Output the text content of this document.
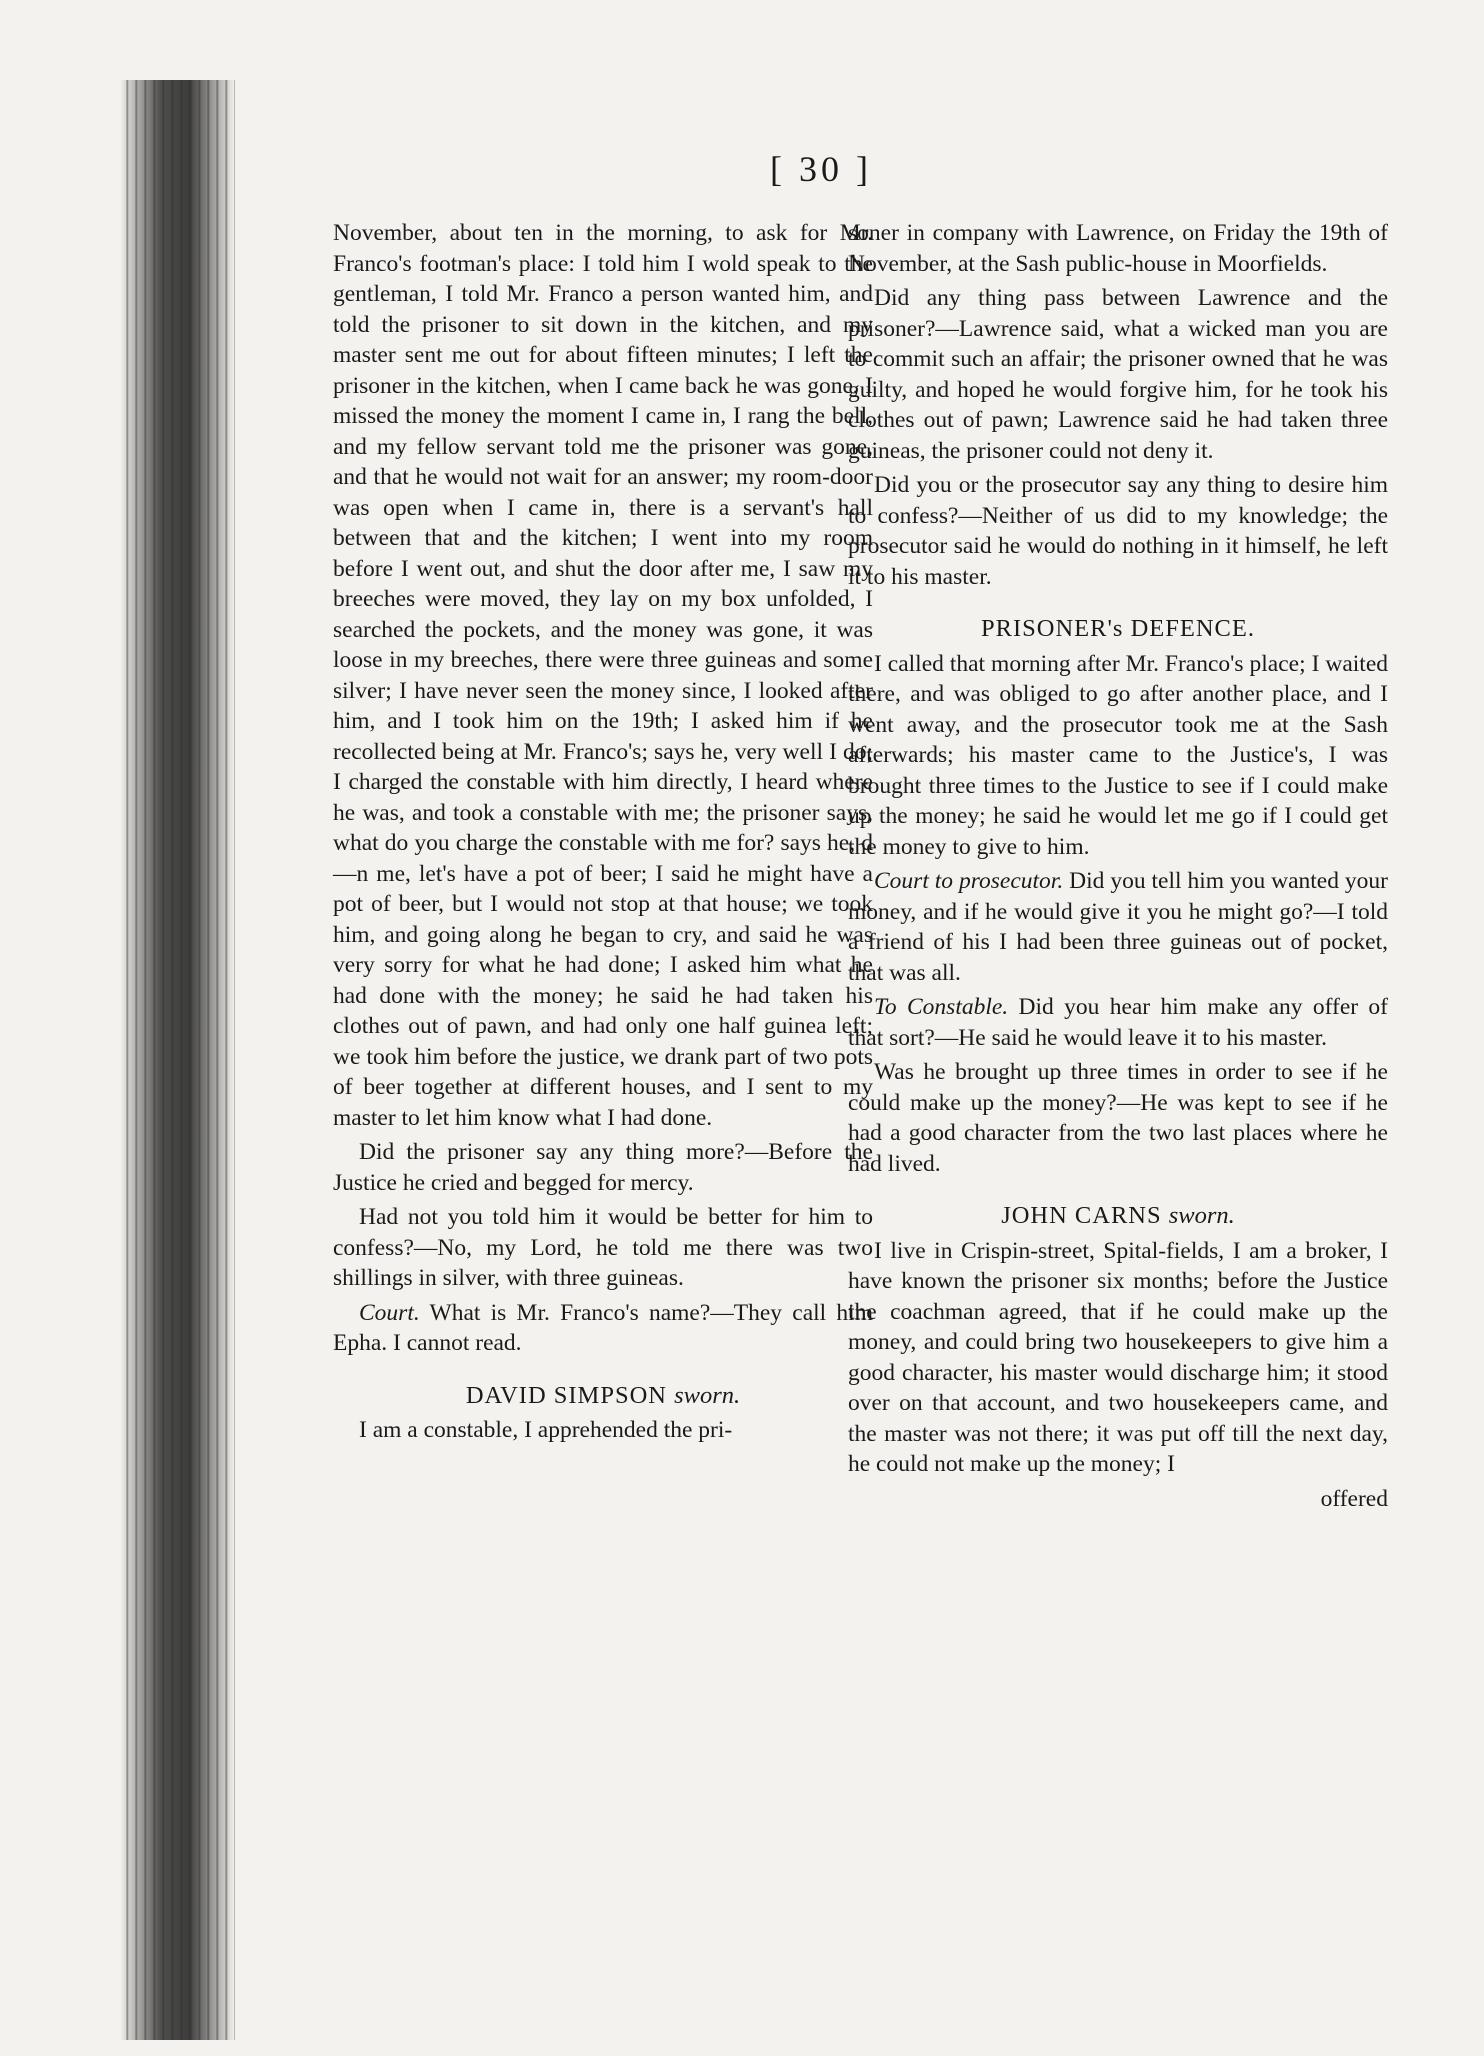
[ 30 ]

November, about ten in the morning, to ask for Mr. Franco's footman's place: I told him I wold speak to the gentleman, I told Mr. Franco a person wanted him, and told the prisoner to sit down in the kitchen, and my master sent me out for about fifteen minutes; I left the prisoner in the kitchen, when I came back he was gone, I missed the money the moment I came in, I rang the bell, and my fellow servant told me the prisoner was gone, and that he would not wait for an answer; my room-door was open when I came in, there is a servant's hall between that and the kitchen; I went into my room before I went out, and shut the door after me, I saw my breeches were moved, they lay on my box unfolded, I searched the pockets, and the money was gone, it was loose in my breeches, there were three guineas and some silver; I have never seen the money since, I looked after him, and I took him on the 19th; I asked him if he recollected being at Mr. Franco's; says he, very well I do; I charged the constable with him directly, I heard where he was, and took a constable with me; the prisoner says, what do you charge the constable with me for? says he, d—n me, let's have a pot of beer; I said he might have a pot of beer, but I would not stop at that house; we took him, and going along he began to cry, and said he was very sorry for what he had done; I asked him what he had done with the money; he said he had taken his clothes out of pawn, and had only one half guinea left; we took him before the justice, we drank part of two pots of beer together at different houses, and I sent to my master to let him know what I had done.

Did the prisoner say any thing more?—Before the Justice he cried and begged for mercy.

Had not you told him it would be better for him to confess?—No, my Lord, he told me there was two shillings in silver, with three guineas.

Court. What is Mr. Franco's name?—They call him Epha. I cannot read.

DAVID SIMPSON sworn.

I am a constable, I apprehended the pri-

soner in company with Lawrence, on Friday the 19th of November, at the Sash public-house in Moorfields.

Did any thing pass between Lawrence and the prisoner?—Lawrence said, what a wicked man you are to commit such an affair; the prisoner owned that he was guilty, and hoped he would forgive him, for he took his clothes out of pawn; Lawrence said he had taken three guineas, the prisoner could not deny it.

Did you or the prosecutor say any thing to desire him to confess?—Neither of us did to my knowledge; the prosecutor said he would do nothing in it himself, he left it to his master.

PRISONER's DEFENCE.

I called that morning after Mr. Franco's place; I waited there, and was obliged to go after another place, and I went away, and the prosecutor took me at the Sash afterwards; his master came to the Justice's, I was brought three times to the Justice to see if I could make up the money; he said he would let me go if I could get the money to give to him.

Court to prosecutor. Did you tell him you wanted your money, and if he would give it you he might go?—I told a friend of his I had been three guineas out of pocket, that was all.

To Constable. Did you hear him make any offer of that sort?—He said he would leave it to his master.

Was he brought up three times in order to see if he could make up the money?—He was kept to see if he had a good character from the two last places where he had lived.

JOHN CARNS sworn.

I live in Crispin-street, Spital-fields, I am a broker, I have known the prisoner six months; before the Justice the coachman agreed, that if he could make up the money, and could bring two housekeepers to give him a good character, his master would discharge him; it stood over on that account, and two housekeepers came, and the master was not there; it was put off till the next day, he could not make up the money; I

offered
